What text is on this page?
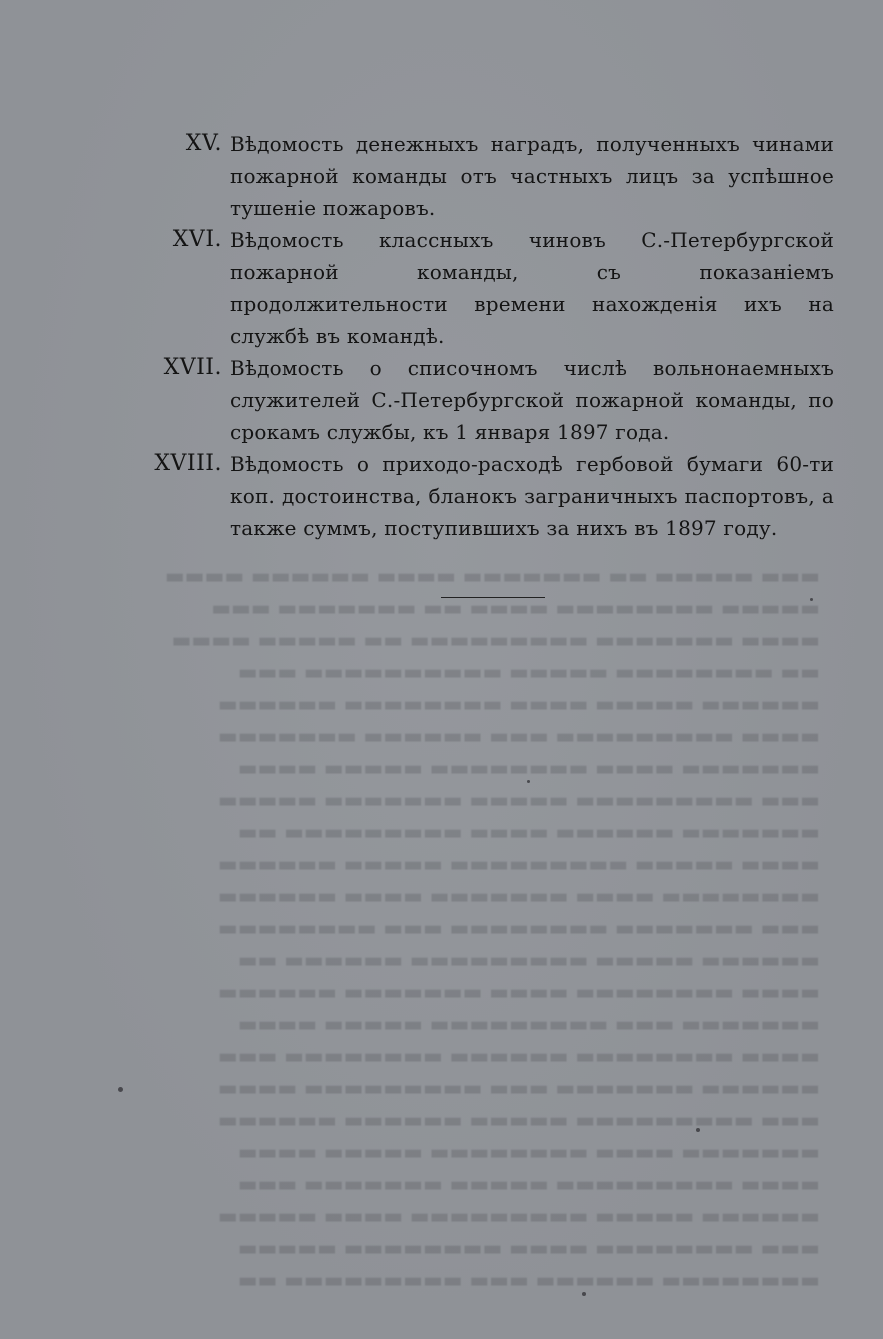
▬▬▬ ▬▬▬▬▬ ▬▬ ▬▬▬▬▬▬▬ ▬▬▬▬ ▬▬▬▬▬▬ ▬▬▬▬
▬▬▬▬▬ ▬▬▬▬▬▬▬▬ ▬▬▬▬ ▬▬ ▬▬▬▬▬▬▬ ▬▬▬
▬▬▬▬ ▬▬▬▬▬▬▬ ▬▬▬▬▬▬▬▬▬ ▬▬ ▬▬▬▬▬ ▬▬▬▬
▬▬ ▬▬▬▬▬▬▬▬ ▬▬▬▬▬ ▬▬▬▬▬▬▬▬▬▬ ▬▬▬
▬▬▬▬▬▬ ▬▬▬▬▬ ▬▬▬▬ ▬▬▬▬▬▬▬▬ ▬▬▬▬▬▬
▬▬▬▬ ▬▬▬▬▬▬▬▬▬ ▬▬▬ ▬▬▬▬▬▬ ▬▬▬▬▬▬▬
▬▬▬▬▬▬▬ ▬▬▬▬ ▬▬▬▬▬▬▬▬ ▬▬▬▬▬ ▬▬▬▬
▬▬▬ ▬▬▬▬▬▬▬▬▬ ▬▬▬▬▬ ▬▬▬▬▬▬▬ ▬▬▬▬▬
▬▬▬▬▬▬▬ ▬▬▬▬▬▬ ▬▬▬▬ ▬▬▬▬▬▬▬▬▬ ▬▬
▬▬▬▬ ▬▬▬▬▬ ▬▬▬▬▬▬▬▬▬ ▬▬▬▬▬ ▬▬▬▬▬▬
▬▬▬▬▬▬▬▬ ▬▬▬▬ ▬▬▬▬▬▬▬ ▬▬▬▬ ▬▬▬▬▬▬
▬▬▬ ▬▬▬▬▬▬▬ ▬▬▬▬▬▬▬▬ ▬▬▬ ▬▬▬▬▬▬▬▬
▬▬▬▬▬▬ ▬▬▬▬▬ ▬▬▬▬▬▬▬▬▬ ▬▬▬▬▬▬ ▬▬
▬▬▬▬ ▬▬▬▬▬▬▬▬ ▬▬▬▬ ▬▬▬▬▬▬▬ ▬▬▬▬▬▬
▬▬▬▬▬▬▬ ▬▬▬ ▬▬▬▬▬▬▬▬▬ ▬▬▬▬▬ ▬▬▬▬
▬▬▬▬ ▬▬▬▬▬▬▬▬ ▬▬▬▬▬▬ ▬▬▬▬▬▬▬▬ ▬▬▬
▬▬▬▬▬▬ ▬▬▬▬▬▬▬ ▬▬▬ ▬▬▬▬▬▬▬▬▬ ▬▬▬▬
▬▬▬ ▬▬▬▬▬▬▬▬▬ ▬▬▬▬▬ ▬▬▬▬▬▬ ▬▬▬▬▬▬
▬▬▬▬▬▬▬ ▬▬▬▬ ▬▬▬▬▬▬▬▬ ▬▬▬▬▬ ▬▬▬▬
▬▬▬▬ ▬▬▬▬▬▬▬▬▬ ▬▬▬▬▬ ▬▬▬▬▬▬▬ ▬▬▬
▬▬▬▬▬▬ ▬▬▬▬▬ ▬▬▬▬▬▬▬▬▬ ▬▬▬▬ ▬▬▬▬▬
▬▬▬ ▬▬▬▬▬▬▬▬ ▬▬▬▬ ▬▬▬▬▬▬▬▬ ▬▬▬▬▬
▬▬▬▬▬▬▬▬ ▬▬▬▬▬▬ ▬▬▬ ▬▬▬▬▬▬▬▬▬ ▬▬
XV. Вѣдомость денежныхъ наградъ, полученныхъ чинами пожарной команды отъ частныхъ лицъ за успѣшное тушеніе пожаровъ.
XVI. Вѣдомость классныхъ чиновъ С.-Петербургской пожарной команды, съ показаніемъ продолжительности времени нахожденія ихъ на службѣ въ командѣ.
XVII. Вѣдомость о списочномъ числѣ вольнонаемныхъ служителей С.-Петербургской пожарной команды, по срокамъ службы, къ 1 января 1897 года.
XVIII. Вѣдомость о приходо-расходѣ гербовой бумаги 60-ти коп. достоинства, бланокъ заграничныхъ паспортовъ, а также суммъ, поступившихъ за нихъ въ 1897 году.
